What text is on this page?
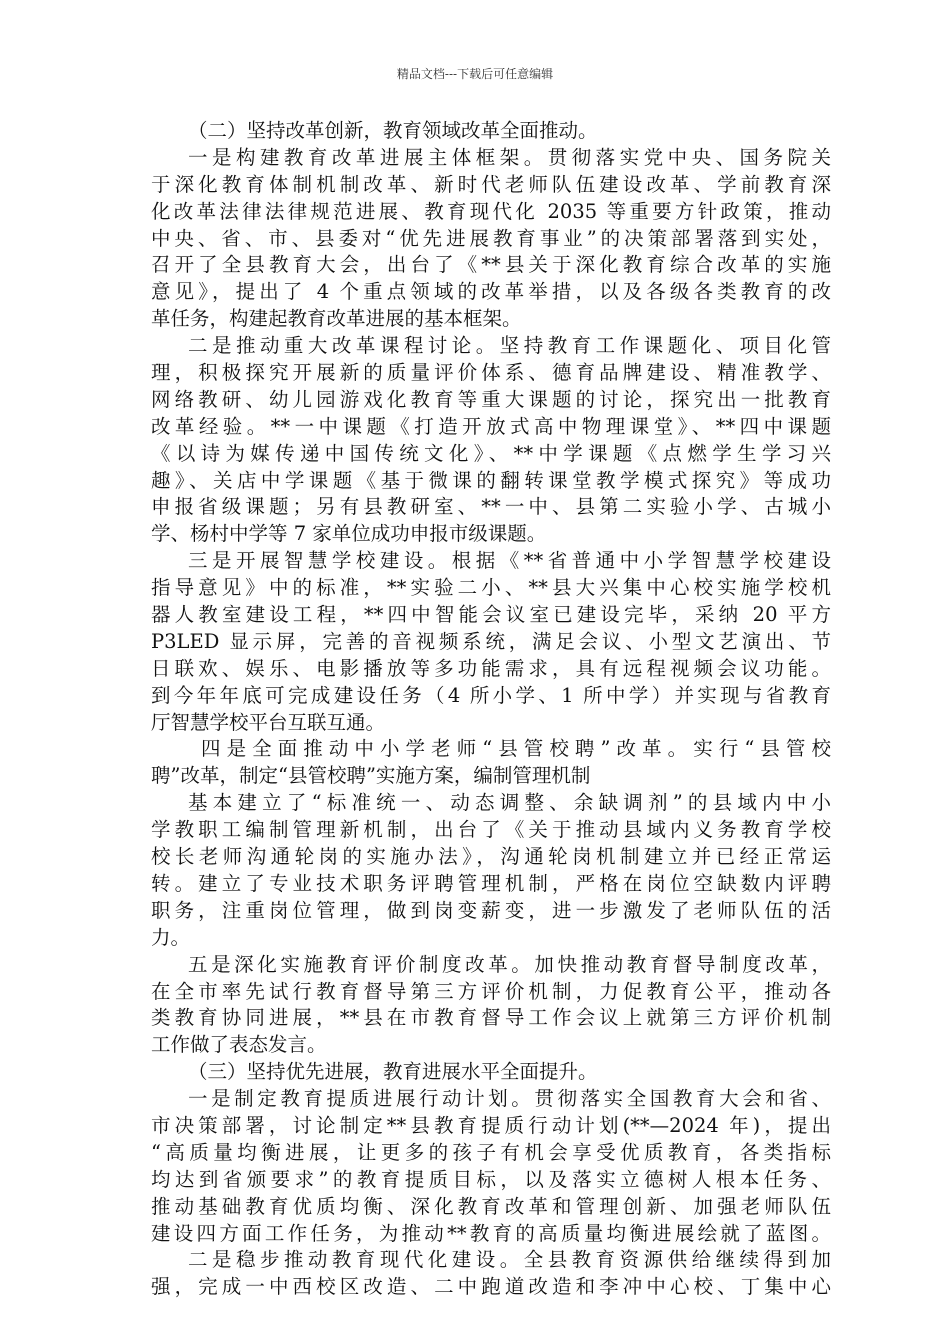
精品文档---下载后可任意编辑
（二）坚持改革创新，教育领域改革全面推动。
一是构建教育改革进展主体框架。贯彻落实党中央、国务院关
于深化教育体制机制改革、新时代老师队伍建设改革、学前教育深
化改革法律法律规范进展、教育现代化 2035 等重要方针政策，推动
中央、省、市、县委对“优先进展教育事业”的决策部署落到实处，
召开了全县教育大会，出台了《**县关于深化教育综合改革的实施
意见》，提出了 4 个重点领域的改革举措，以及各级各类教育的改
革任务，构建起教育改革进展的基本框架。
二是推动重大改革课程讨论。坚持教育工作课题化、项目化管
理，积极探究开展新的质量评价体系、德育品牌建设、精准教学、
网络教研、幼儿园游戏化教育等重大课题的讨论，探究出一批教育
改革经验。**一中课题《打造开放式高中物理课堂》、**四中课题
《以诗为媒传递中国传统文化》、**中学课题《点燃学生学习兴
趣》、关店中学课题《基于微课的翻转课堂教学模式探究》等成功
申报省级课题；另有县教研室、**一中、县第二实验小学、古城小
学、杨村中学等 7 家单位成功申报市级课题。
三是开展智慧学校建设。根据《**省普通中小学智慧学校建设
指导意见》中的标准，**实验二小、**县大兴集中心校实施学校机
器人教室建设工程，**四中智能会议室已建设完毕，采纳 20 平方
P3LED 显示屏，完善的音视频系统，满足会议、小型文艺演出、节
日联欢、娱乐、电影播放等多功能需求，具有远程视频会议功能。
到今年年底可完成建设任务（4 所小学、1 所中学）并实现与省教育
厅智慧学校平台互联互通。
四是全面推动中小学老师“县管校聘”改革。实行“县管校
聘”改革，制定“县管校聘”实施方案，编制管理机制
基本建立了“标准统一、动态调整、余缺调剂”的县域内中小
学教职工编制管理新机制，出台了《关于推动县域内义务教育学校
校长老师沟通轮岗的实施办法》，沟通轮岗机制建立并已经正常运
转。建立了专业技术职务评聘管理机制，严格在岗位空缺数内评聘
职务，注重岗位管理，做到岗变薪变，进一步激发了老师队伍的活
力。
五是深化实施教育评价制度改革。加快推动教育督导制度改革，
在全市率先试行教育督导第三方评价机制，力促教育公平，推动各
类教育协同进展，**县在市教育督导工作会议上就第三方评价机制
工作做了表态发言。
（三）坚持优先进展，教育进展水平全面提升。
一是制定教育提质进展行动计划。贯彻落实全国教育大会和省、
市决策部署，讨论制定**县教育提质行动计划(**—2024 年)，提出
“高质量均衡进展，让更多的孩子有机会享受优质教育，各类指标
均达到省颁要求”的教育提质目标，以及落实立德树人根本任务、
推动基础教育优质均衡、深化教育改革和管理创新、加强老师队伍
建设四方面工作任务，为推动**教育的高质量均衡进展绘就了蓝图。
二是稳步推动教育现代化建设。全县教育资源供给继续得到加
强，完成一中西校区改造、二中跑道改造和李冲中心校、丁集中心
